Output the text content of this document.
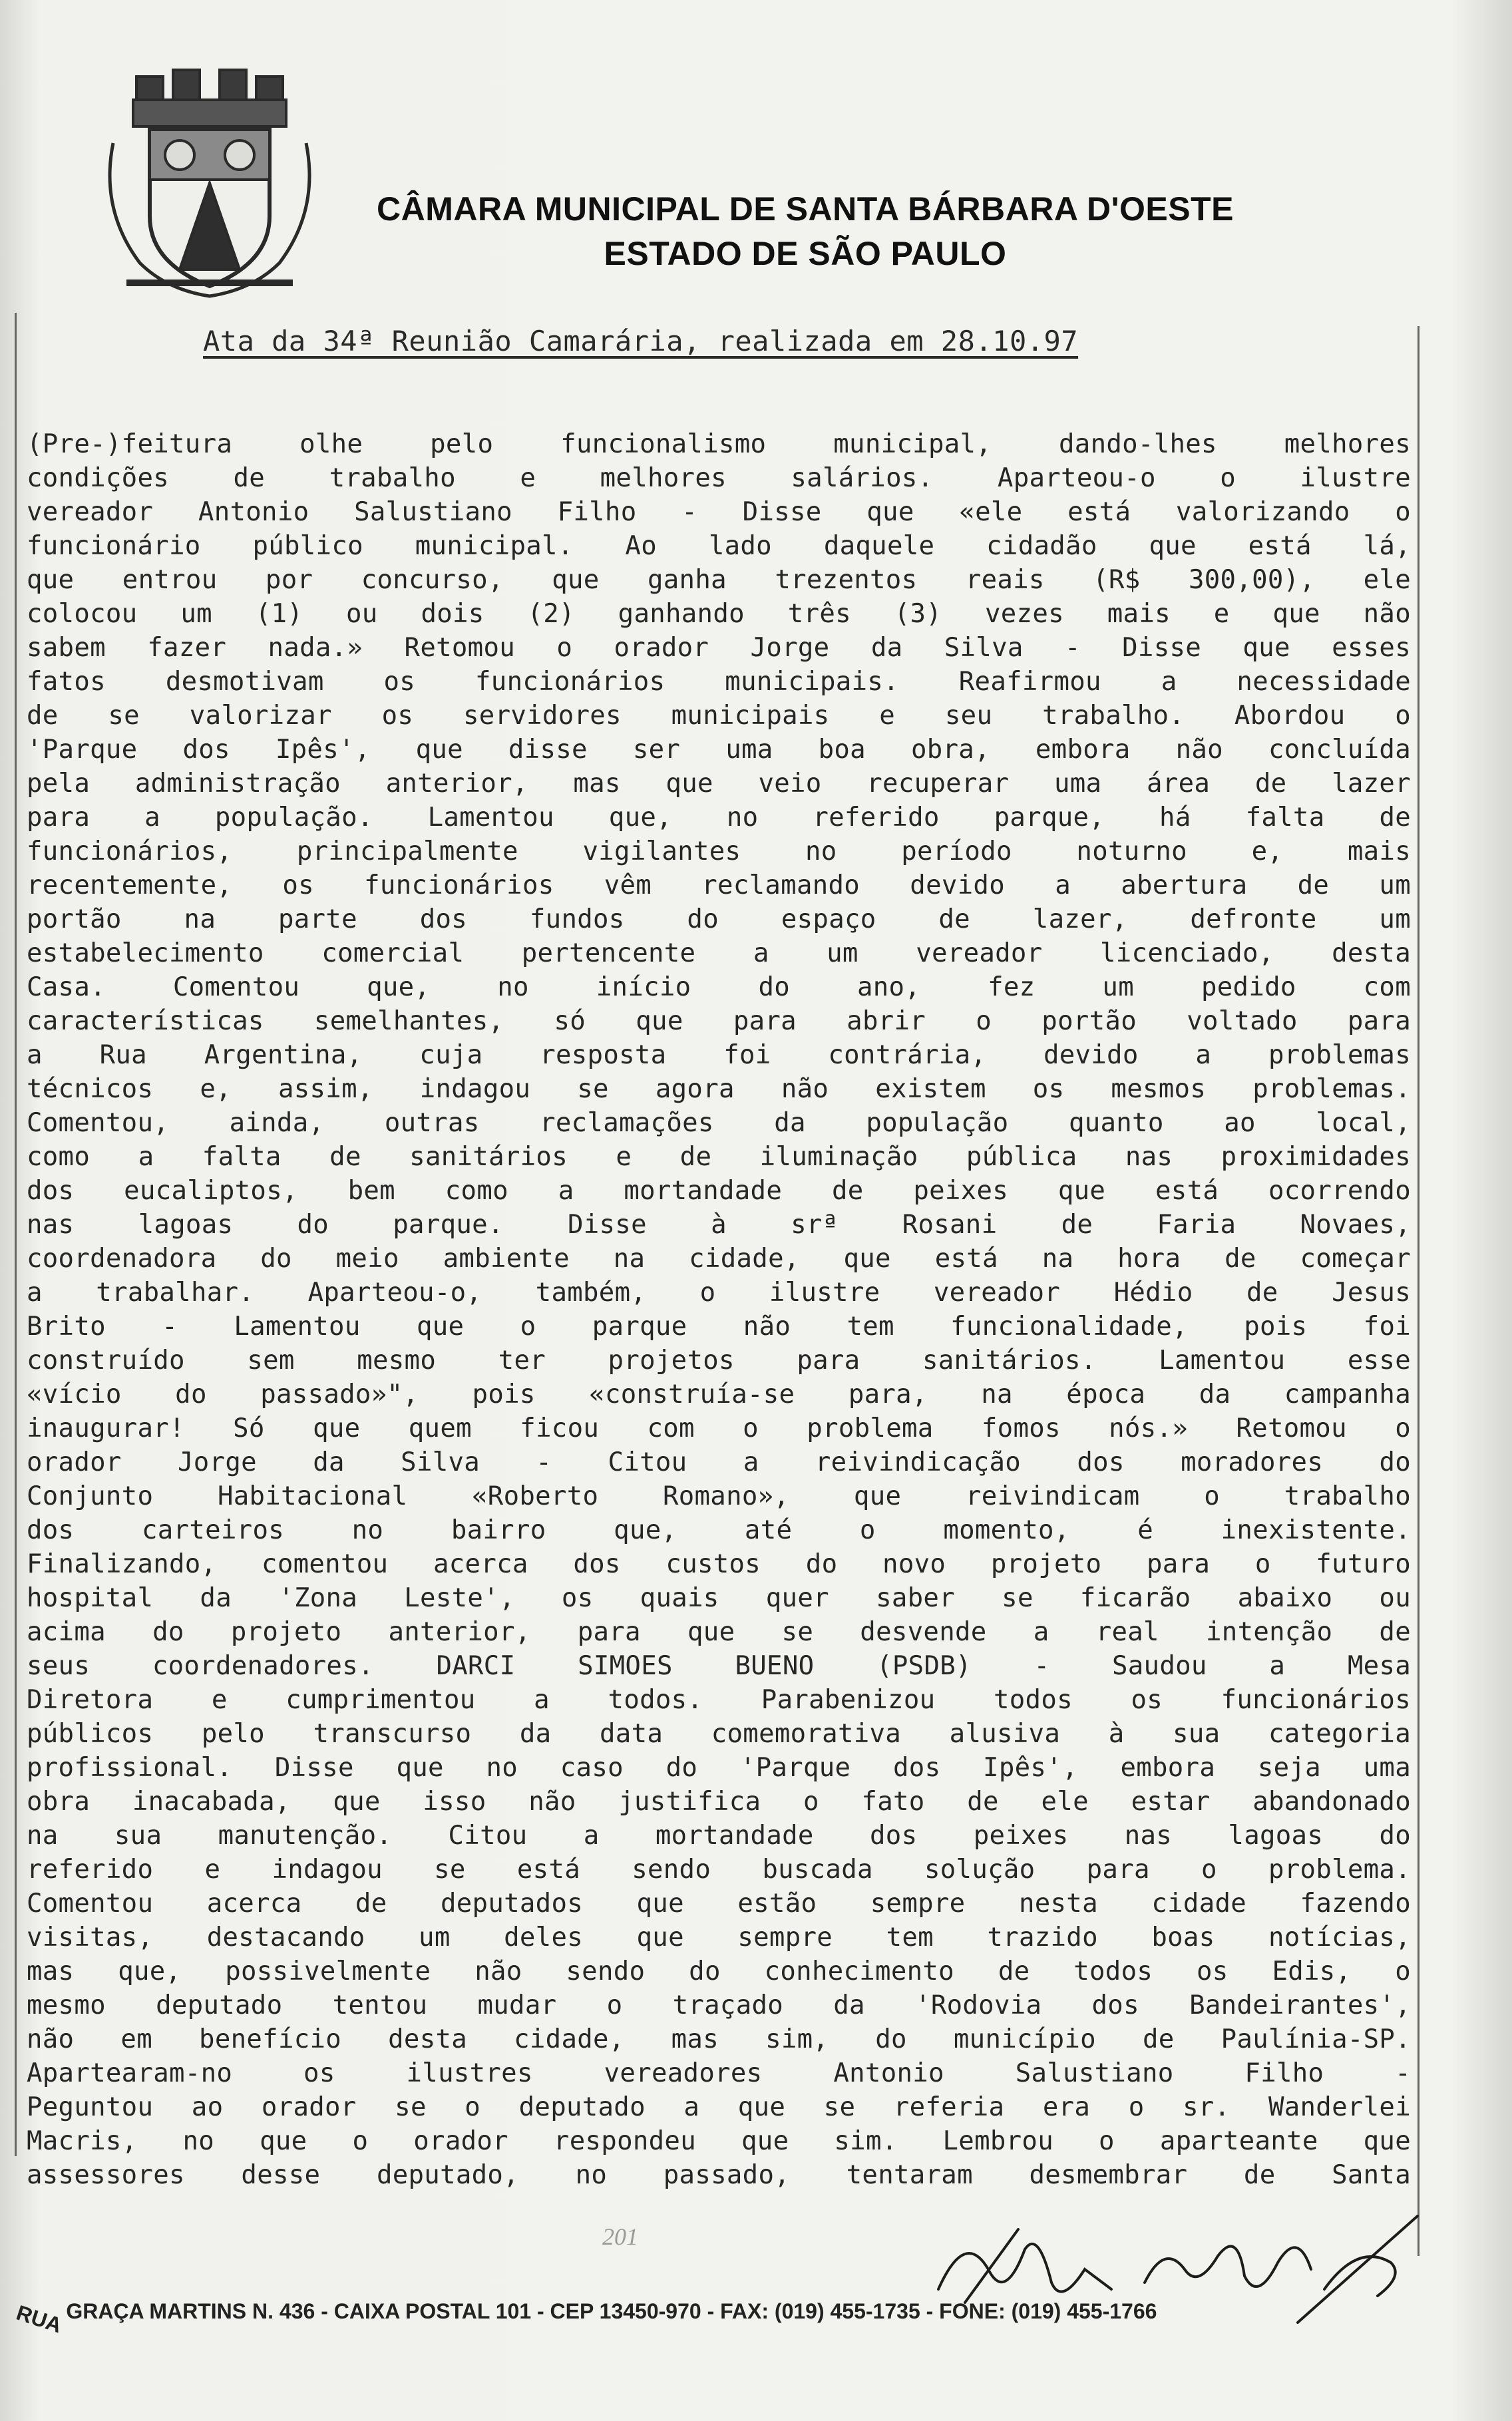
CÂMARA MUNICIPAL DE SANTA BÁRBARA D'OESTE
ESTADO DE SÃO PAULO
Ata da 34ª Reunião Camarária, realizada em 28.10.97
(Pre-)feitura olhe pelo funcionalismo municipal, dando-lhes melhores
condições de trabalho e melhores salários. Aparteou-o o ilustre
vereador Antonio Salustiano Filho - Disse que «ele está valorizando o
funcionário público municipal. Ao lado daquele cidadão que está lá,
que entrou por concurso, que ganha trezentos reais (R$ 300,00), ele
colocou um (1) ou dois (2) ganhando três (3) vezes mais e que não
sabem fazer nada.» Retomou o orador Jorge da Silva - Disse que esses
fatos desmotivam os funcionários municipais. Reafirmou a necessidade
de se valorizar os servidores municipais e seu trabalho. Abordou o
'Parque dos Ipês', que disse ser uma boa obra, embora não concluída
pela administração anterior, mas que veio recuperar uma área de lazer
para a população. Lamentou que, no referido parque, há falta de
funcionários, principalmente vigilantes no período noturno e, mais
recentemente, os funcionários vêm reclamando devido a abertura de um
portão na parte dos fundos do espaço de lazer, defronte um
estabelecimento comercial pertencente a um vereador licenciado, desta
Casa. Comentou que, no início do ano, fez um pedido com
características semelhantes, só que para abrir o portão voltado para
a Rua Argentina, cuja resposta foi contrária, devido a problemas
técnicos e, assim, indagou se agora não existem os mesmos problemas.
Comentou, ainda, outras reclamações da população quanto ao local,
como a falta de sanitários e de iluminação pública nas proximidades
dos eucaliptos, bem como a mortandade de peixes que está ocorrendo
nas lagoas do parque. Disse à srª Rosani de Faria Novaes,
coordenadora do meio ambiente na cidade, que está na hora de começar
a trabalhar. Aparteou-o, também, o ilustre vereador Hédio de Jesus
Brito - Lamentou que o parque não tem funcionalidade, pois foi
construído sem mesmo ter projetos para sanitários. Lamentou esse
«vício do passado»", pois «construía-se para, na época da campanha
inaugurar! Só que quem ficou com o problema fomos nós.» Retomou o
orador Jorge da Silva - Citou a reivindicação dos moradores do
Conjunto Habitacional «Roberto Romano», que reivindicam o trabalho
dos carteiros no bairro que, até o momento, é inexistente.
Finalizando, comentou acerca dos custos do novo projeto para o futuro
hospital da 'Zona Leste', os quais quer saber se ficarão abaixo ou
acima do projeto anterior, para que se desvende a real intenção de
seus coordenadores. DARCI SIMOES BUENO (PSDB) - Saudou a Mesa
Diretora e cumprimentou a todos. Parabenizou todos os funcionários
públicos pelo transcurso da data comemorativa alusiva à sua categoria
profissional. Disse que no caso do 'Parque dos Ipês', embora seja uma
obra inacabada, que isso não justifica o fato de ele estar abandonado
na sua manutenção. Citou a mortandade dos peixes nas lagoas do
referido e indagou se está sendo buscada solução para o problema.
Comentou acerca de deputados que estão sempre nesta cidade fazendo
visitas, destacando um deles que sempre tem trazido boas notícias,
mas que, possivelmente não sendo do conhecimento de todos os Edis, o
mesmo deputado tentou mudar o traçado da 'Rodovia dos Bandeirantes',
não em benefício desta cidade, mas sim, do município de Paulínia-SP.
Apartearam-no os ilustres vereadores Antonio Salustiano Filho -
Peguntou ao orador se o deputado a que se referia era o sr. Wanderlei
Macris, no que o orador respondeu que sim. Lembrou o aparteante que
assessores desse deputado, no passado, tentaram desmembrar de Santa
201
RUAGRAÇA MARTINS N. 436 - CAIXA POSTAL 101 - CEP 13450-970 - FAX: (019) 455-1735 - FONE: (019) 455-1766
